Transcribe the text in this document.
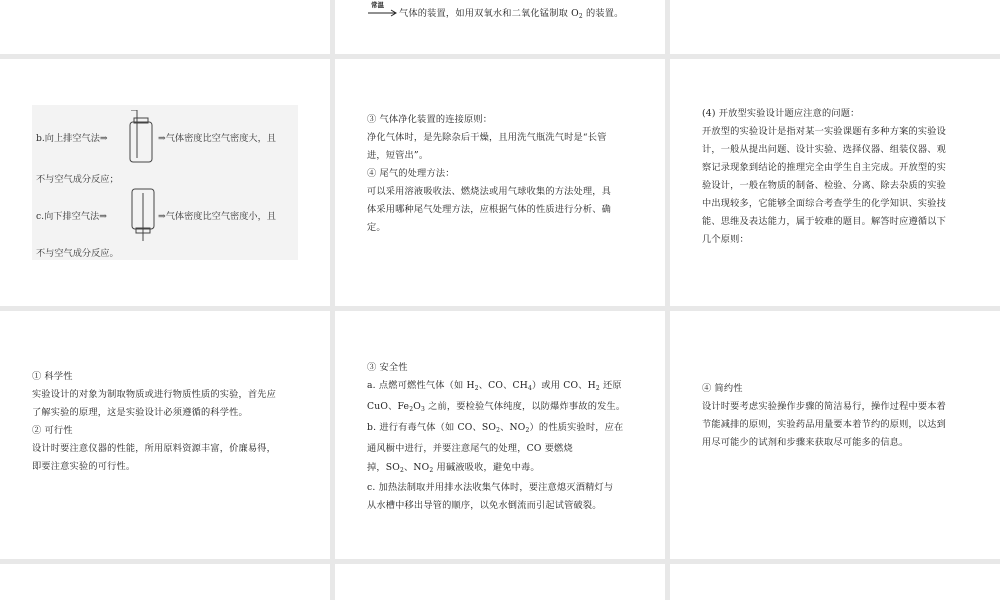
常温
→ 气体的装置，如用双氧水和二氧化锰制取 $O_2$ 的装置。
b.向上排空气法⇒	⇒气体密度比空气密度大，且
不与空气成分反应；
c.向下排空气法⇒	⇒气体密度比空气密度小，且
不与空气成分反应。
③ 气体净化装置的连接原则：
净化气体时，是先除杂后干燥，且用洗气瓶洗气时是“长管
进，短管出”。
④ 尾气的处理方法：
可以采用溶液吸收法、燃烧法或用气球收集的方法处理，具
体采用哪种尾气处理方法，应根据气体的性质进行分析、确
定。
(4) 开放型实验设计题应注意的问题：
开放型的实验设计是指对某一实验课题有多种方案的实验设
计，一般从提出问题、设计实验、选择仪器、组装仪器、观
察记录现象到结论的推理完全由学生自主完成。开放型的实
验设计，一般在物质的制备、检验、分离、除去杂质的实验
中出现较多，它能够全面综合考查学生的化学知识、实验技
能、思维及表达能力，属于较难的题目。解答时应遵循以下
几个原则：
① 科学性
实验设计的对象为制取物质或进行物质性质的实验，首先应
了解实验的原理，这是实验设计必须遵循的科学性。
② 可行性
设计时要注意仪器的性能，所用原料资源丰富，价廉易得，
即要注意实验的可行性。
③ 安全性
a. 点燃可燃性气体（如 $H_2$、CO、$CH_4$）或用 CO、$H_2$ 还原
CuO、$Fe_2O_3$ 之前，要检验气体纯度，以防爆炸事故的发生。
b. 进行有毒气体（如 CO、$SO_2$、$NO_2$）的性质实验时，应在
通风橱中进行，并要注意尾气的处理，CO 要燃烧
掉，$SO_2$、$NO_2$ 用碱液吸收，避免中毒。
c. 加热法制取并用排水法收集气体时，要注意熄灭酒精灯与
从水槽中移出导管的顺序，以免水倒流而引起试管破裂。
④ 简约性
设计时要考虑实验操作步骤的简洁易行，操作过程中要本着
节能减排的原则，实验药品用量要本着节约的原则，以达到
用尽可能少的试剂和步骤来获取尽可能多的信息。
